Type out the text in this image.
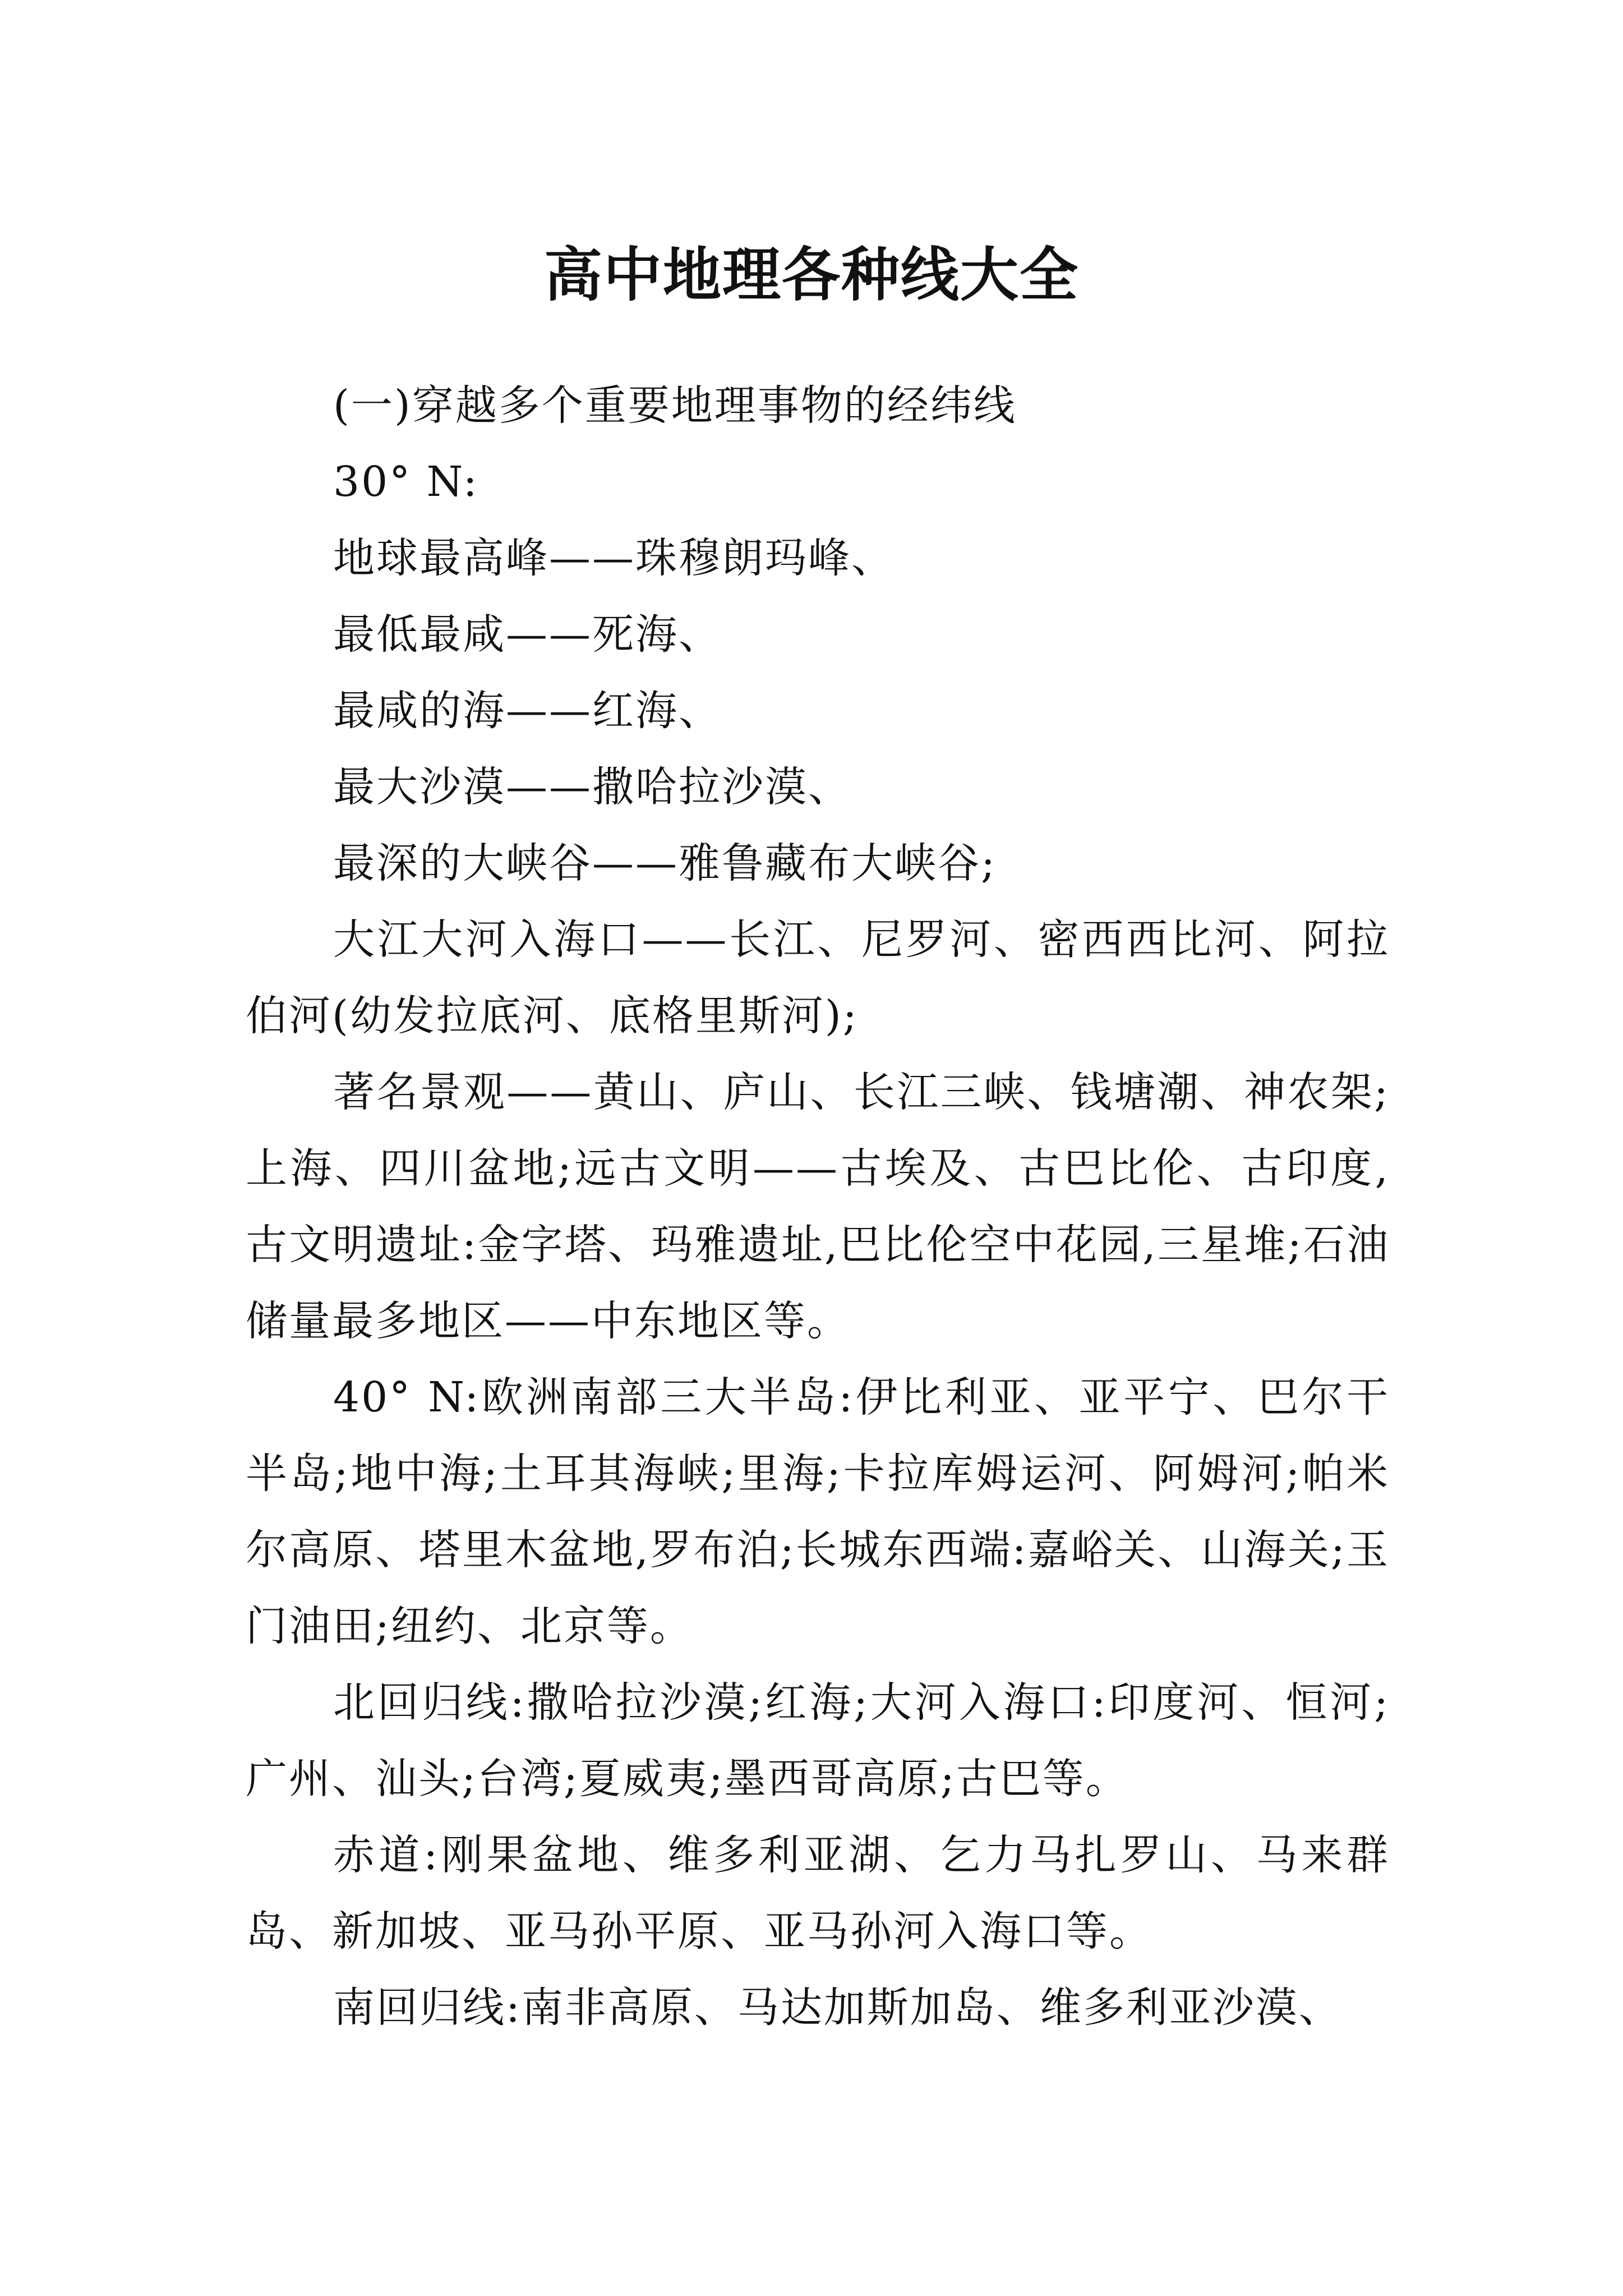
高中地理各种线大全

(一)穿越多个重要地理事物的经纬线

30° N:

地球最高峰——珠穆朗玛峰、

最低最咸——死海、

最咸的海——红海、

最大沙漠——撒哈拉沙漠、

最深的大峡谷——雅鲁藏布大峡谷;

大江大河入海口——长江、尼罗河、密西西比河、阿拉伯河(幼发拉底河、底格里斯河);

著名景观——黄山、庐山、长江三峡、钱塘潮、神农架;上海、四川盆地;远古文明——古埃及、古巴比伦、古印度,古文明遗址:金字塔、玛雅遗址,巴比伦空中花园,三星堆;石油储量最多地区——中东地区等。

40° N:欧洲南部三大半岛:伊比利亚、亚平宁、巴尔干半岛;地中海;土耳其海峡;里海;卡拉库姆运河、阿姆河;帕米尔高原、塔里木盆地,罗布泊;长城东西端:嘉峪关、山海关;玉门油田;纽约、北京等。

北回归线:撒哈拉沙漠;红海;大河入海口:印度河、恒河;广州、汕头;台湾;夏威夷;墨西哥高原;古巴等。

赤道:刚果盆地、维多利亚湖、乞力马扎罗山、马来群岛、新加坡、亚马孙平原、亚马孙河入海口等。

南回归线:南非高原、马达加斯加岛、维多利亚沙漠、
